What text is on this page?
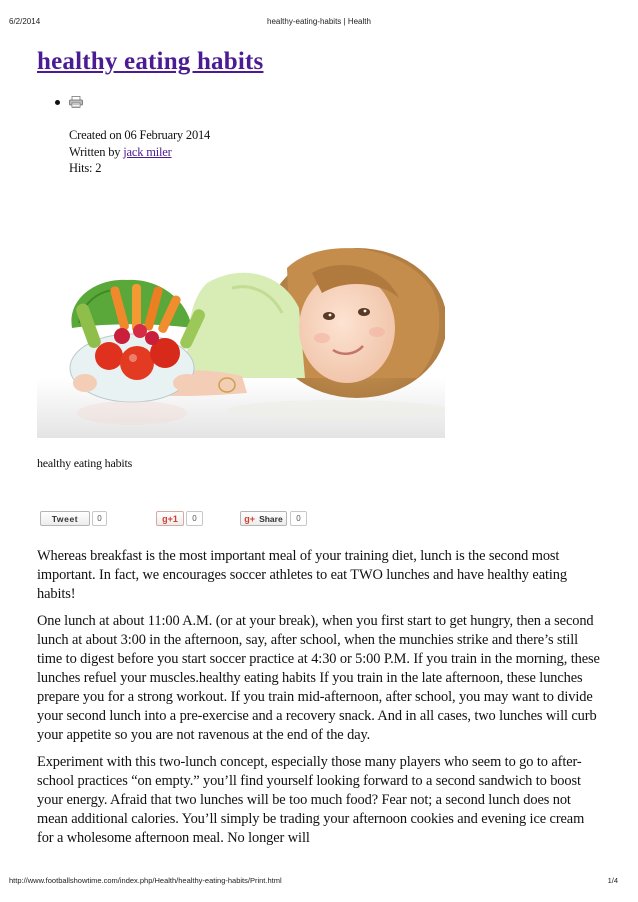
6/2/2014	healthy-eating-habits | Health
healthy eating habits
Created on 06 February 2014
Written by jack miler
Hits: 2
healthy eating habits
Tweet	0	g +1	0	g+ Share	0

Whereas breakfast is the most important meal of your training diet, lunch is the second most important. In fact, we encourages soccer athletes to eat TWO lunches and have healthy eating habits!

One lunch at about 11:00 A.M. (or at your break), when you first start to get hungry, then a second lunch at about 3:00 in the afternoon, say, after school, when the munchies strike and there’s still time to digest before you start soccer practice at 4:30 or 5:00 P.M. If you train in the morning, these lunches refuel your muscles.healthy eating habits If you train in the late afternoon, these lunches prepare you for a strong workout. If you train mid-afternoon, after school, you may want to divide your second lunch into a pre-exercise and a recovery snack. And in all cases, two lunches will curb your appetite so you are not ravenous at the end of the day.

Experiment with this two-lunch concept, especially those many players who seem to go to after-school practices “on empty.” you’ll find yourself looking forward to a second sandwich to boost your energy. Afraid that two lunches will be too much food? Fear not; a second lunch does not mean additional calories. You’ll simply be trading your afternoon cookies and evening ice cream for a wholesome afternoon meal. No longer will

http://www.footballshowtime.com/index.php/Health/healthy-eating-habits/Print.html	1/4
